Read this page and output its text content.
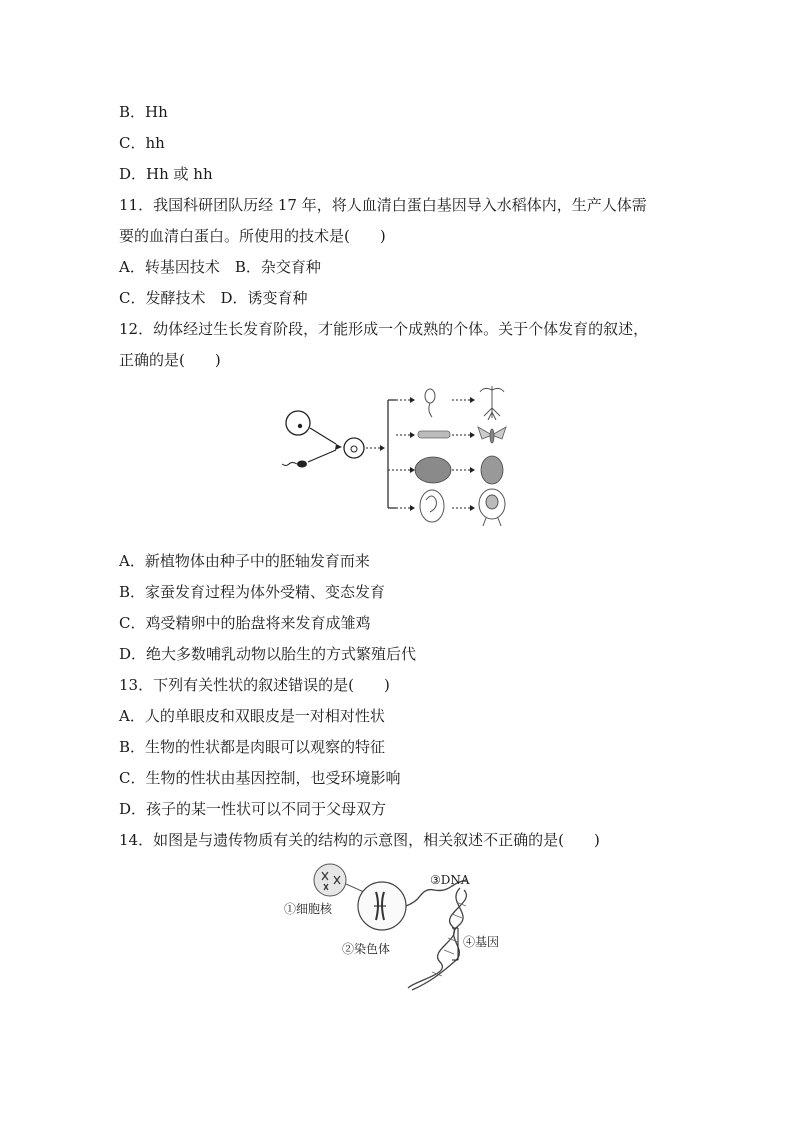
B．Hh
C．hh
D．Hh 或 hh
11．我国科研团队历经 17 年，将人血清白蛋白基因导入水稻体内，生产人体需
要的血清白蛋白。所使用的技术是(　　)
A．转基因技术　B．杂交育种
C．发酵技术　D．诱变育种
12．幼体经过生长发育阶段，才能形成一个成熟的个体。关于个体发育的叙述，
正确的是(　　)
A．新植物体由种子中的胚轴发育而来
B．家蚕发育过程为体外受精、变态发育
C．鸡受精卵中的胎盘将来发育成雏鸡
D．绝大多数哺乳动物以胎生的方式繁殖后代
13．下列有关性状的叙述错误的是(　　)
A．人的单眼皮和双眼皮是一对相对性状
B．生物的性状都是肉眼可以观察的特征
C．生物的性状由基因控制，也受环境影响
D．孩子的某一性状可以不同于父母双方
14．如图是与遗传物质有关的结构的示意图，相关叙述不正确的是(　　)
①细胞核
②染色体
③DNA
④基因
